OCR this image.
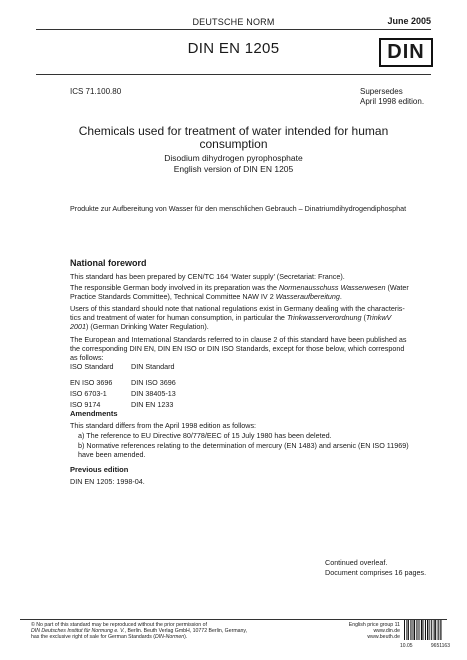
DEUTSCHE NORM	June 2005
DIN EN 1205	DIN
ICS 71.100.80	Supersedes
April 1998 edition.
Chemicals used for treatment of water intended for human consumption
Disodium dihydrogen pyrophosphate
English version of DIN EN 1205
Produkte zur Aufbereitung von Wasser für den menschlichen Gebrauch – Dinatriumdihydrogendiphosphat
National foreword
This standard has been prepared by CEN/TC 164 ‘Water supply’ (Secretariat: France).
The responsible German body involved in its preparation was the Normenausschuss Wasserwesen (Water Practice Standards Committee), Technical Committee NAW IV 2 Wasseraufbereitung.
Users of this standard should note that national regulations exist in Germany dealing with the characteris-tics and treatment of water for human consumption, in particular the Trinkwasserverordnung (TrinkwV 2001) (German Drinking Water Regulation).
The European and International Standards referred to in clause 2 of this standard have been published as the corresponding DIN EN, DIN EN ISO or DIN ISO Standards, except for those below, which correspond as follows:
ISO Standard	DIN Standard

EN ISO 3696	DIN ISO 3696
ISO 6703-1	DIN 38405-13
ISO 9174	DIN EN 1233
Amendments
This standard differs from the April 1998 edition as follows:
a) The reference to EU Directive 80/778/EEC of 15 July 1980 has been deleted.
b) Normative references relating to the determination of mercury (EN 1483) and arsenic (EN ISO 11969) have been amended.
Previous edition
DIN EN 1205: 1998-04.
Continued overleaf.
Document comprises 16 pages.
© No part of this standard may be reproduced without the prior permission of
DIN Deutsches Institut für Normung e. V., Berlin. Beuth Verlag GmbH, 10772 Berlin, Germany,
has the exclusive right of sale for German Standards (DIN-Normen).
English price group 11
www.din.de
www.beuth.de
10.05	9651163
